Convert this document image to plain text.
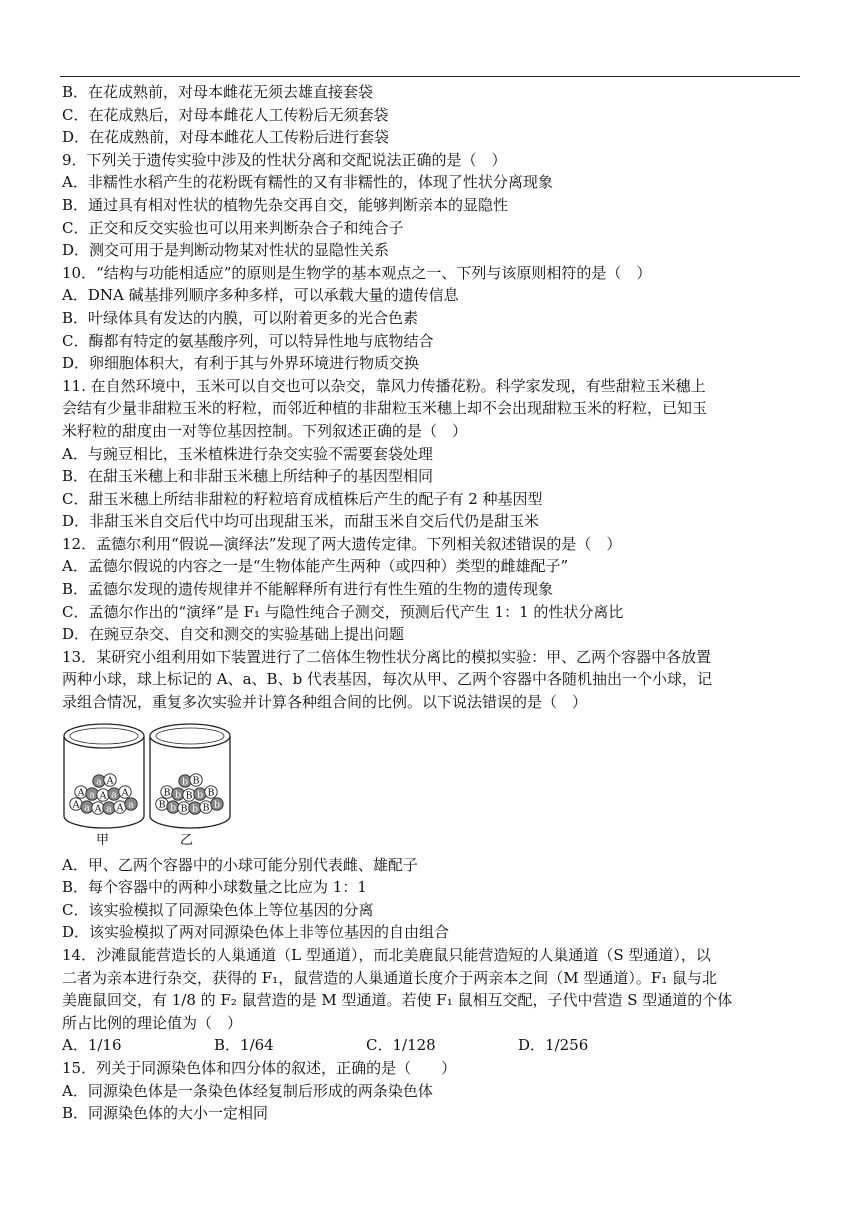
B．在花成熟前，对母本雌花无须去雄直接套袋
C．在花成熟后，对母本雌花人工传粉后无须套袋
D．在花成熟前，对母本雌花人工传粉后进行套袋
9．下列关于遗传实验中涉及的性状分离和交配说法正确的是（　）
A．非糯性水稻产生的花粉既有糯性的又有非糯性的，体现了性状分离现象
B．通过具有相对性状的植物先杂交再自交，能够判断亲本的显隐性
C．正交和反交实验也可以用来判断杂合子和纯合子
D．测交可用于是判断动物某对性状的显隐性关系
10．“结构与功能相适应”的原则是生物学的基本观点之一、下列与该原则相符的是（　）
A．DNA 碱基排列顺序多种多样，可以承载大量的遗传信息
B．叶绿体具有发达的内膜，可以附着更多的光合色素
C．酶都有特定的氨基酸序列，可以特异性地与底物结合
D．卵细胞体积大，有利于其与外界环境进行物质交换
11. 在自然环境中，玉米可以自交也可以杂交，靠风力传播花粉。科学家发现，有些甜粒玉米穗上
会结有少量非甜粒玉米的籽粒，而邻近种植的非甜粒玉米穗上却不会出现甜粒玉米的籽粒，已知玉
米籽粒的甜度由一对等位基因控制。下列叙述正确的是（　）
A．与豌豆相比，玉米植株进行杂交实验不需要套袋处理
B．在甜玉米穗上和非甜玉米穗上所结种子的基因型相同
C．甜玉米穗上所结非甜粒的籽粒培育成植株后产生的配子有 2 种基因型
D．非甜玉米自交后代中均可出现甜玉米，而甜玉米自交后代仍是甜玉米
12．孟德尔利用“假说—演绎法”发现了两大遗传定律。下列相关叙述错误的是（　）
A．孟德尔假说的内容之一是“生物体能产生两种（或四种）类型的雌雄配子”
B．孟德尔发现的遗传规律并不能解释所有进行有性生殖的生物的遗传现象
C．孟德尔作出的“演绎”是 F₁ 与隐性纯合子测交，预测后代产生 1：1 的性状分离比
D．在豌豆杂交、自交和测交的实验基础上提出问题
13．某研究小组利用如下装置进行了二倍体生物性状分离比的模拟实验：甲、乙两个容器中各放置
两种小球，球上标记的 A、a、B、b 代表基因，每次从甲、乙两个容器中各随机抽出一个小球，记
录组合情况，重复多次实验并计算各种组合间的比例。以下说法错误的是（　）
A a A a A a
A a A a A
a A
B b B b B b
B b B b B
b B
甲	乙
A．甲、乙两个容器中的小球可能分别代表雌、雄配子
B．每个容器中的两种小球数量之比应为 1：1
C．该实验模拟了同源染色体上等位基因的分离
D．该实验模拟了两对同源染色体上非等位基因的自由组合
14．沙滩鼠能营造长的人巢通道（L 型通道），而北美鹿鼠只能营造短的人巢通道（S 型通道），以
二者为亲本进行杂交，获得的 F₁，鼠营造的人巢通道长度介于两亲本之间（M 型通道）。F₁ 鼠与北
美鹿鼠回交，有 1/8 的 F₂ 鼠营造的是 M 型通道。若使 F₁ 鼠相互交配，子代中营造 S 型通道的个体
所占比例的理论值为（　）
A．1/16	B．1/64	C．1/128	D．1/256
15．列关于同源染色体和四分体的叙述，正确的是（　　）
A．同源染色体是一条染色体经复制后形成的两条染色体
B．同源染色体的大小一定相同
